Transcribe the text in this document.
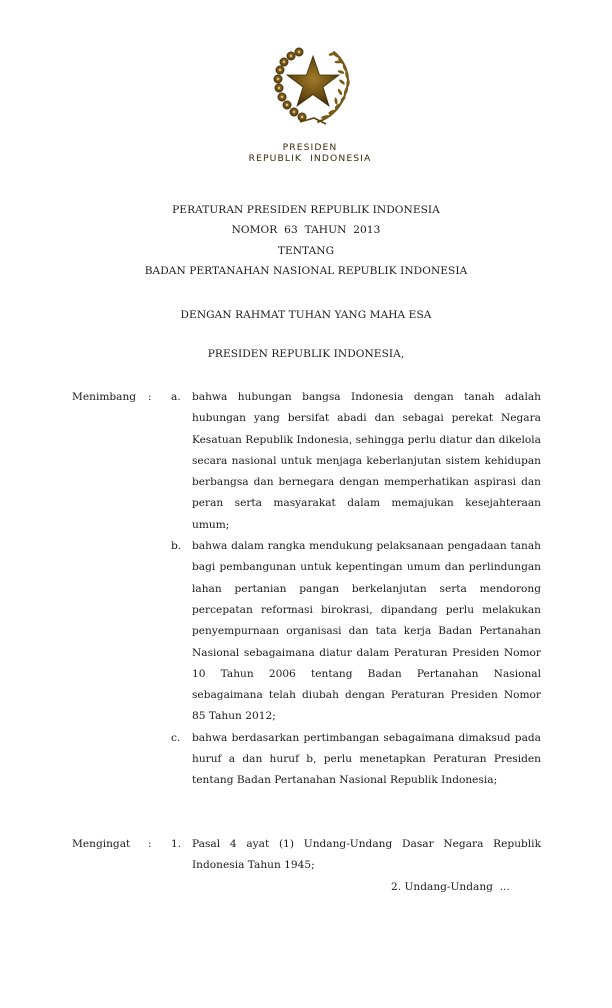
PRESIDEN
REPUBLIK  INDONESIA
PERATURAN PRESIDEN REPUBLIK INDONESIA
NOMOR  63  TAHUN  2013
TENTANG
BADAN PERTANAHAN NASIONAL REPUBLIK INDONESIA
DENGAN RAHMAT TUHAN YANG MAHA ESA
PRESIDEN REPUBLIK INDONESIA,
Menimbang : a. bahwa hubungan bangsa Indonesia dengan tanah adalah hubungan yang bersifat abadi dan sebagai perekat Negara Kesatuan Republik Indonesia, sehingga perlu diatur dan dikelola secara nasional untuk menjaga keberlanjutan sistem kehidupan berbangsa dan bernegara dengan memperhatikan aspirasi dan peran serta masyarakat dalam memajukan kesejahteraan umum;

b. bahwa dalam rangka mendukung pelaksanaan pengadaan tanah bagi pembangunan untuk kepentingan umum dan perlindungan lahan pertanian pangan berkelanjutan serta mendorong percepatan reformasi birokrasi, dipandang perlu melakukan penyempurnaan organisasi dan tata kerja Badan Pertanahan Nasional sebagaimana diatur dalam Peraturan Presiden Nomor 10 Tahun 2006 tentang Badan Pertanahan Nasional sebagaimana telah diubah dengan Peraturan Presiden Nomor 85 Tahun 2012;

c. bahwa berdasarkan pertimbangan sebagaimana dimaksud pada huruf a dan huruf b, perlu menetapkan Peraturan Presiden tentang Badan Pertanahan Nasional Republik Indonesia;

Mengingat : 1. Pasal 4 ayat (1) Undang-Undang Dasar Negara Republik Indonesia Tahun 1945;

2. Undang-Undang  ...
